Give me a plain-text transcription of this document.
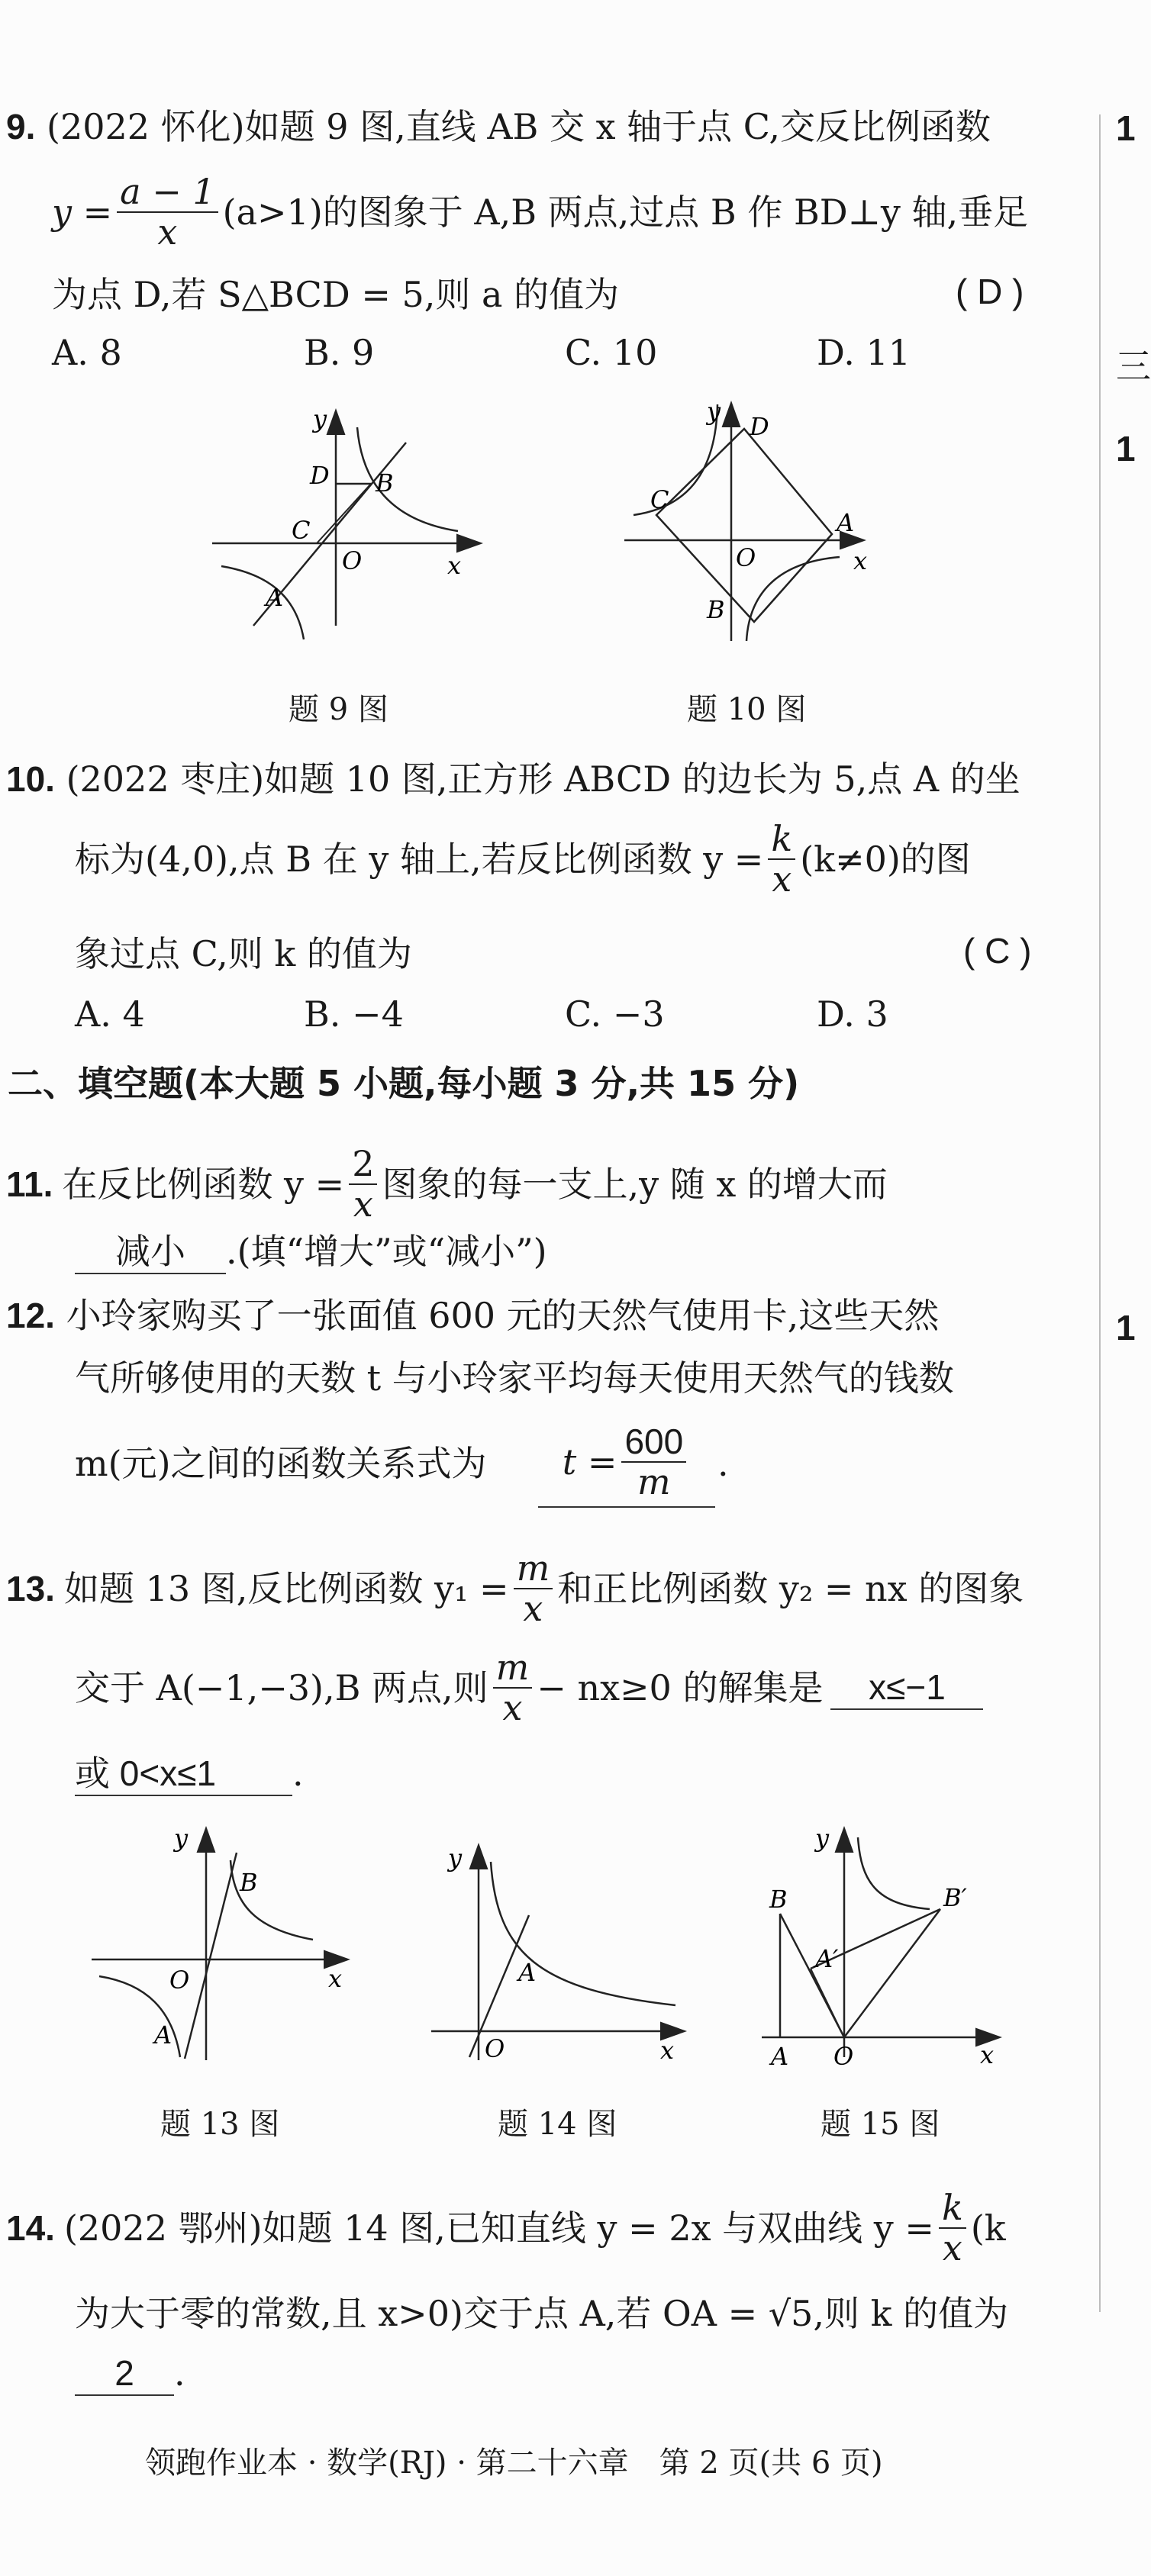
1
三
1
1
9. (2022 怀化)如题 9 图,直线 AB 交 x 轴于点 C,交反比例函数
$y = \frac{a - 1}{x} (a>1)$的图象于 A,B 两点,过点 B 作 BD⊥y 轴,垂足
为点 D,若 S△BCD = 5,则 a 的值为	( D )
A. 8	B. 9	C. 10	D. 11
y
D B
C
O	x
A
题 9 图
y
D
C
O
A
x
B
题 10 图
10. (2022 枣庄)如题 10 图,正方形 ABCD 的边长为 5,点 A 的坐
标为(4,0),点 B 在 y 轴上,若反比例函数 $y = \frac{k}{x} (k\ne 0)$的图
象过点 C,则 k 的值为	( C )
A. 4	B. −4	C. −3	D. 3
二、填空题(本大题 5 小题,每小题 3 分,共 15 分)
11. 在反比例函数 $y = \frac{2}{x}$ 图象的每一支上,y 随 x 的增大而
减小 .(填“增大”或“减小”)
12. 小玲家购买了一张面值 600 元的天然气使用卡,这些天然
气所够使用的天数 t 与小玲家平均每天使用天然气的钱数
m(元)之间的函数关系式为 $t = \frac{600}{m}$ .
13. 如题 13 图,反比例函数 $y_1 = \frac{m}{x}$ 和正比例函数 y₂ = nx 的图象
交于 A(−1,−3),B 两点,则 $\frac{m}{x} - nx\ge 0$ 的解集是	x≤−1
或 0<x≤1 .
y
B
O	x
A
题 13 图
y
A
O	x
题 14 图
y
B	B′
A′
A O	x
题 15 图
14. (2022 鄂州)如题 14 图,已知直线 y = 2x 与双曲线 $y = \frac{k}{x} (k$
为大于零的常数,且 x>0)交于点 A,若 OA = √5,则 k 的值为
2 .
领跑作业本 · 数学(RJ) · 第二十六章　第 2 页(共 6 页)
